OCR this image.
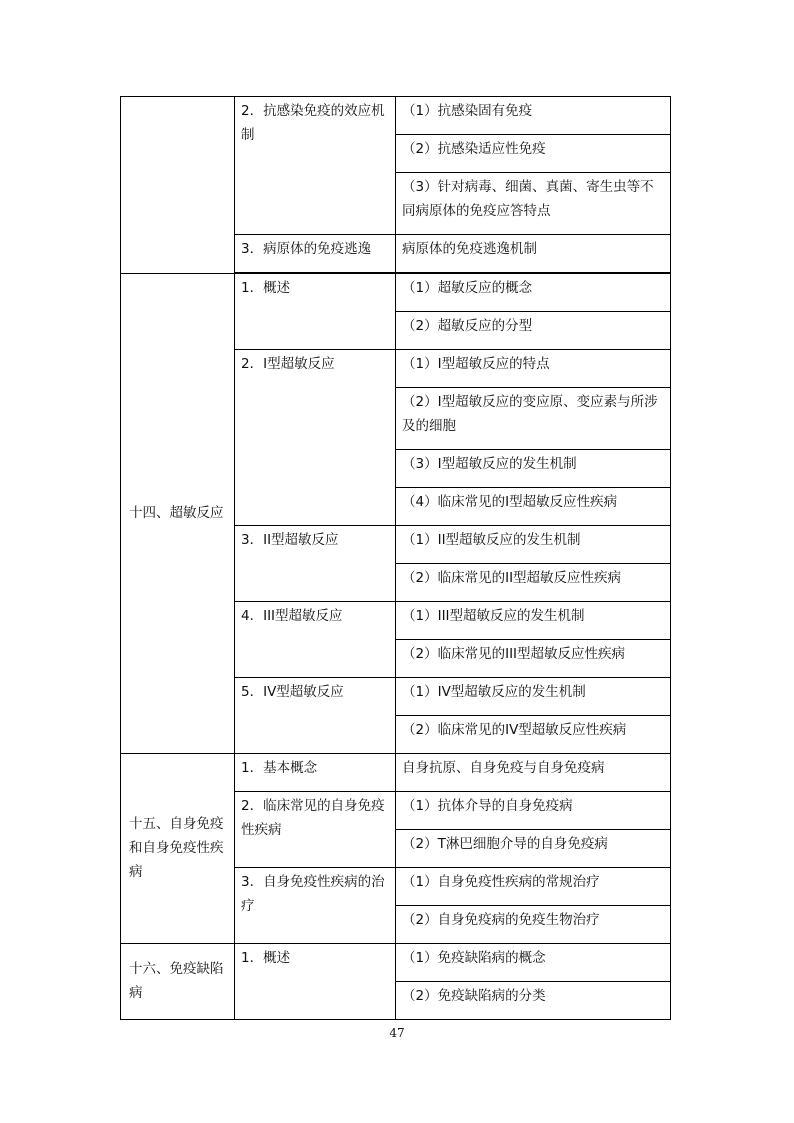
	2．抗感染免疫的效应机制	（1）抗感染固有免疫
		（2）抗感染适应性免疫
		（3）针对病毒、细菌、真菌、寄生虫等不同病原体的免疫应答特点
	3．病原体的免疫逃逸	病原体的免疫逃逸机制

十四、超敏反应	1．概述	（1）超敏反应的概念
		（2）超敏反应的分型
	2．I型超敏反应	（1）I型超敏反应的特点
		（2）I型超敏反应的变应原、变应素与所涉及的细胞
		（3）I型超敏反应的发生机制
		（4）临床常见的I型超敏反应性疾病
	3．II型超敏反应	（1）II型超敏反应的发生机制
		（2）临床常见的II型超敏反应性疾病
	4．III型超敏反应	（1）III型超敏反应的发生机制
		（2）临床常见的III型超敏反应性疾病
	5．IV型超敏反应	（1）IV型超敏反应的发生机制
		（2）临床常见的IV型超敏反应性疾病
十五、自身免疫和自身免疫性疾病	1．基本概念	自身抗原、自身免疫与自身免疫病
	2．临床常见的自身免疫性疾病	（1）抗体介导的自身免疫病
		（2）T淋巴细胞介导的自身免疫病
	3．自身免疫性疾病的治疗	（1）自身免疫性疾病的常规治疗
		（2）自身免疫病的免疫生物治疗
十六、免疫缺陷病	1．概述	（1）免疫缺陷病的概念
		（2）免疫缺陷病的分类
47
